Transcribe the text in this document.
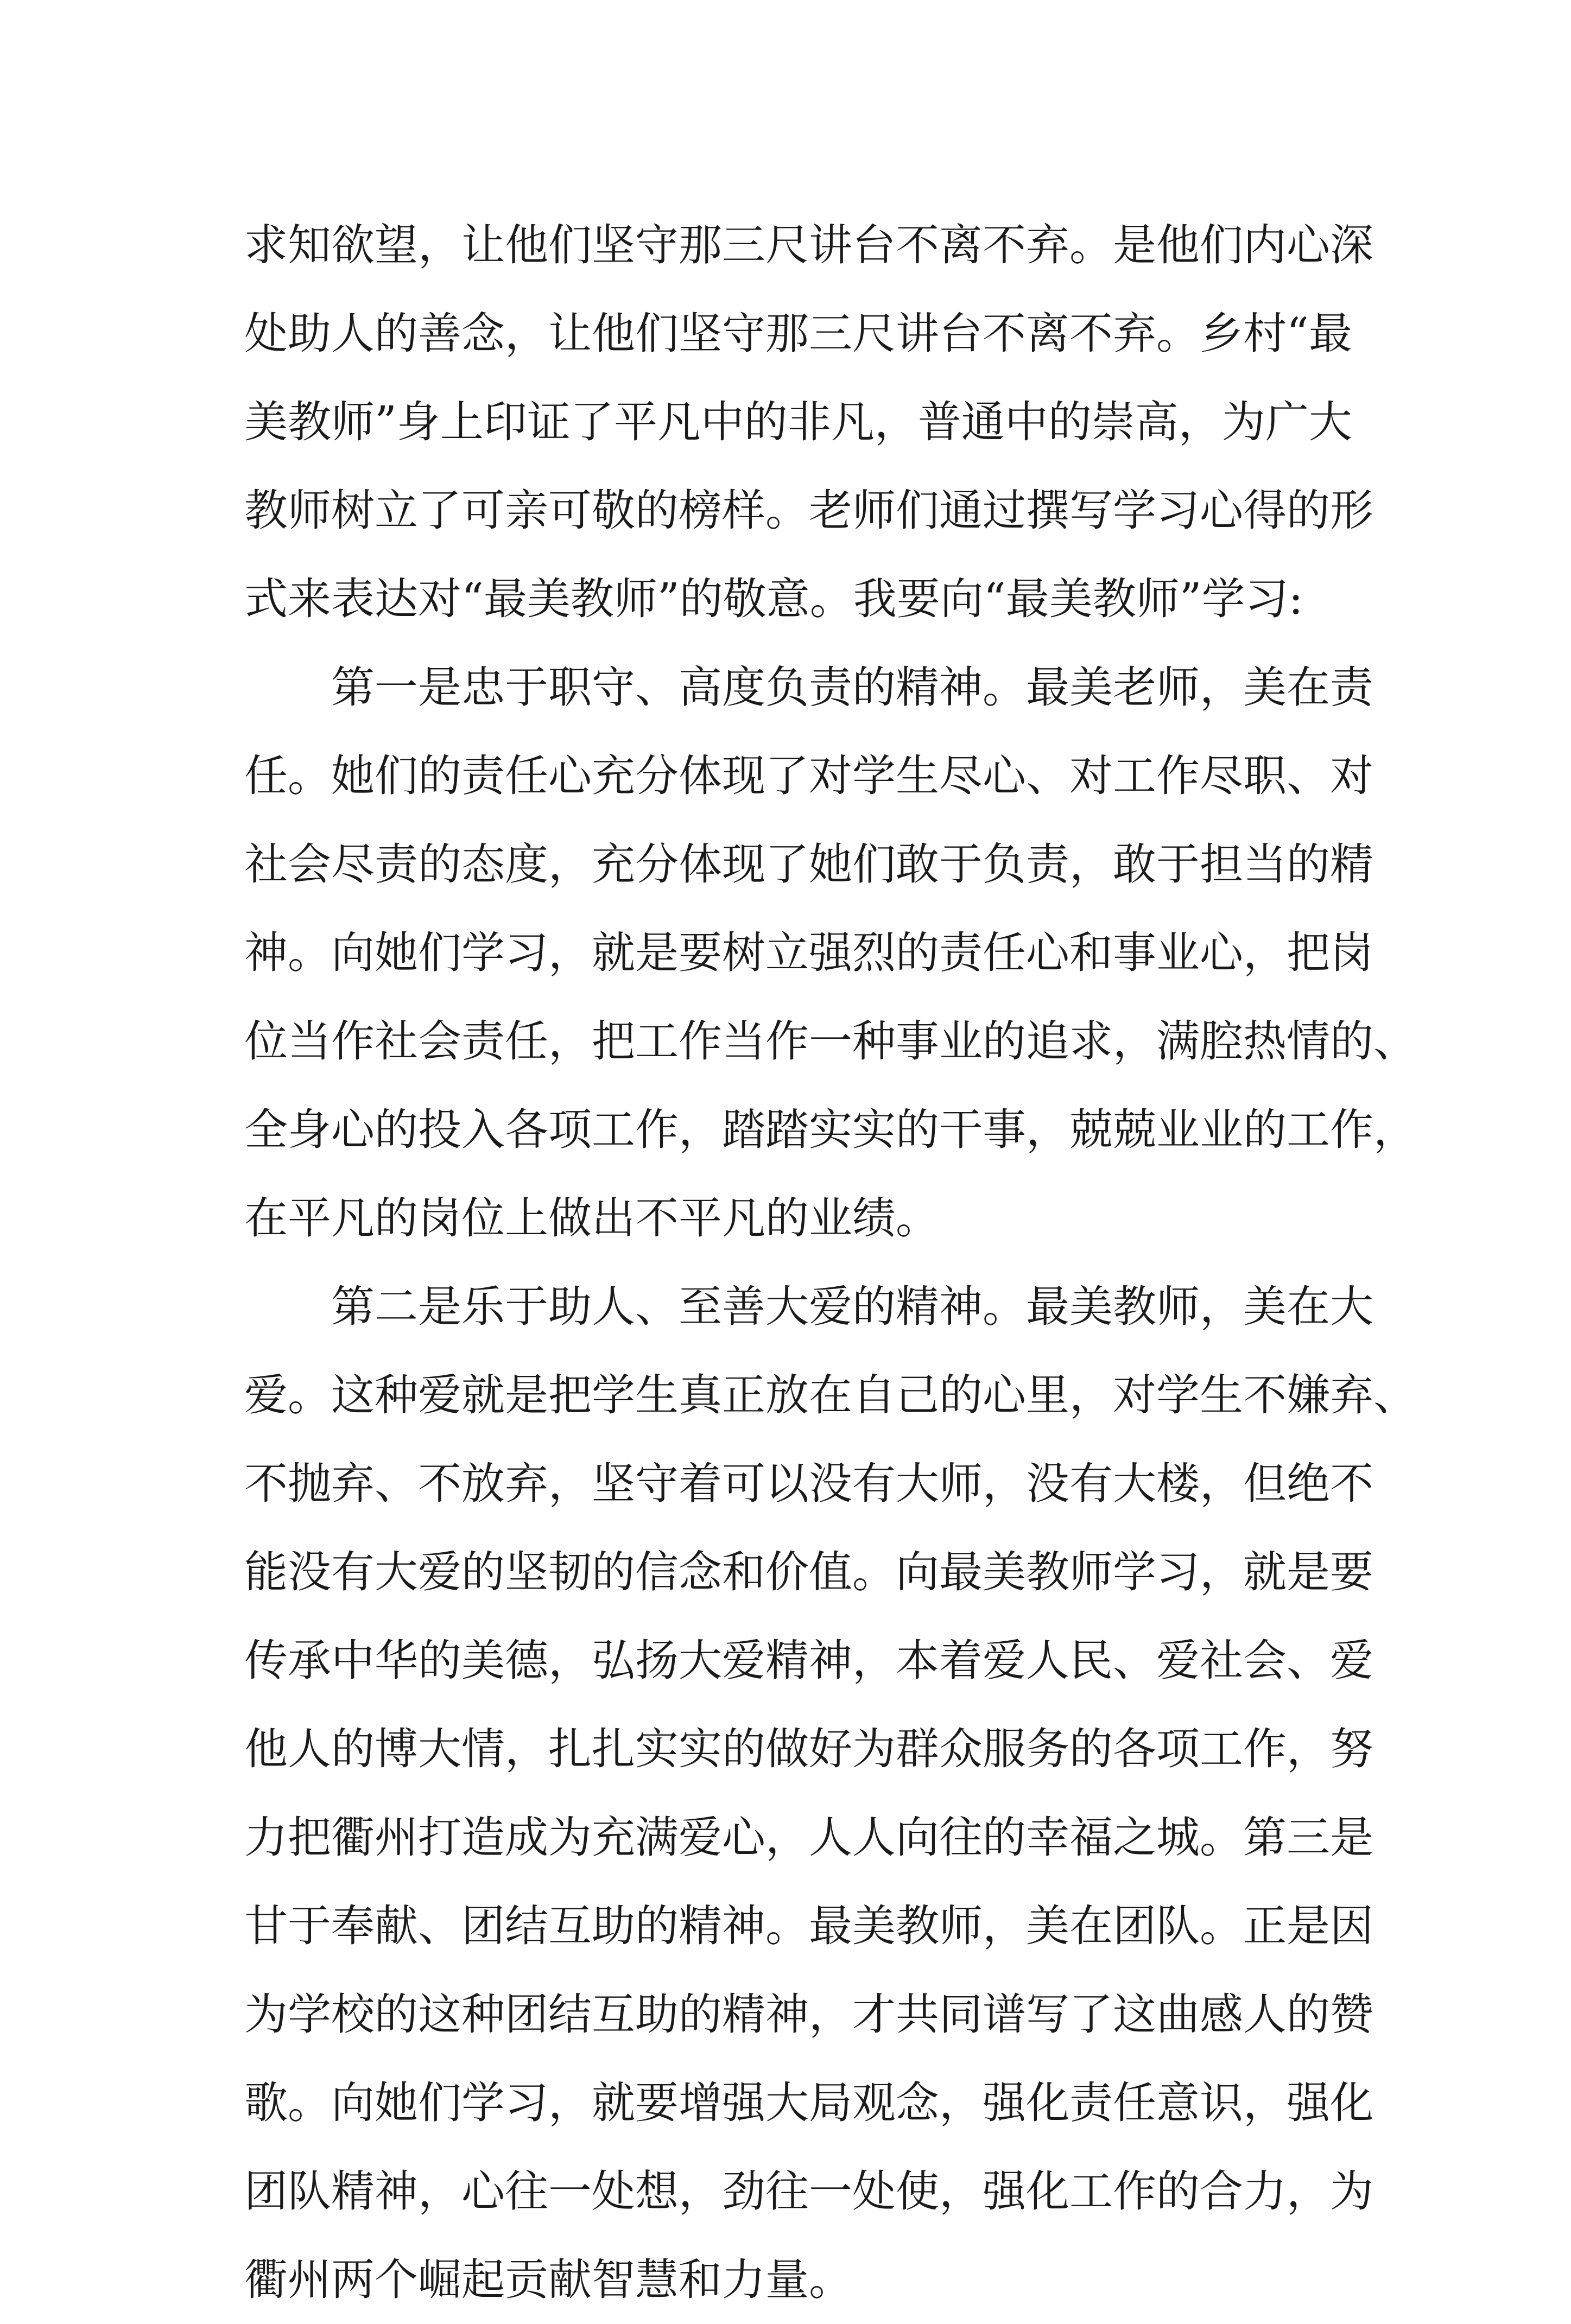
求知欲望，让他们坚守那三尺讲台不离不弃。是他们内心深
处助人的善念，让他们坚守那三尺讲台不离不弃。乡村“最
美教师”身上印证了平凡中的非凡，普通中的崇高，为广大
教师树立了可亲可敬的榜样。老师们通过撰写学习心得的形
式来表达对“最美教师”的敬意。我要向“最美教师”学习:
第一是忠于职守、高度负责的精神。最美老师，美在责
任。她们的责任心充分体现了对学生尽心、对工作尽职、对
社会尽责的态度，充分体现了她们敢于负责，敢于担当的精
神。向她们学习，就是要树立强烈的责任心和事业心，把岗
位当作社会责任，把工作当作一种事业的追求，满腔热情的、
全身心的投入各项工作，踏踏实实的干事，兢兢业业的工作，
在平凡的岗位上做出不平凡的业绩。
第二是乐于助人、至善大爱的精神。最美教师，美在大
爱。这种爱就是把学生真正放在自己的心里，对学生不嫌弃、
不抛弃、不放弃，坚守着可以没有大师，没有大楼，但绝不
能没有大爱的坚韧的信念和价值。向最美教师学习，就是要
传承中华的美德，弘扬大爱精神，本着爱人民、爱社会、爱
他人的博大情，扎扎实实的做好为群众服务的各项工作，努
力把衢州打造成为充满爱心，人人向往的幸福之城。第三是
甘于奉献、团结互助的精神。最美教师，美在团队。正是因
为学校的这种团结互助的精神，才共同谱写了这曲感人的赞
歌。向她们学习，就要增强大局观念，强化责任意识，强化
团队精神，心往一处想，劲往一处使，强化工作的合力，为
衢州两个崛起贡献智慧和力量。
